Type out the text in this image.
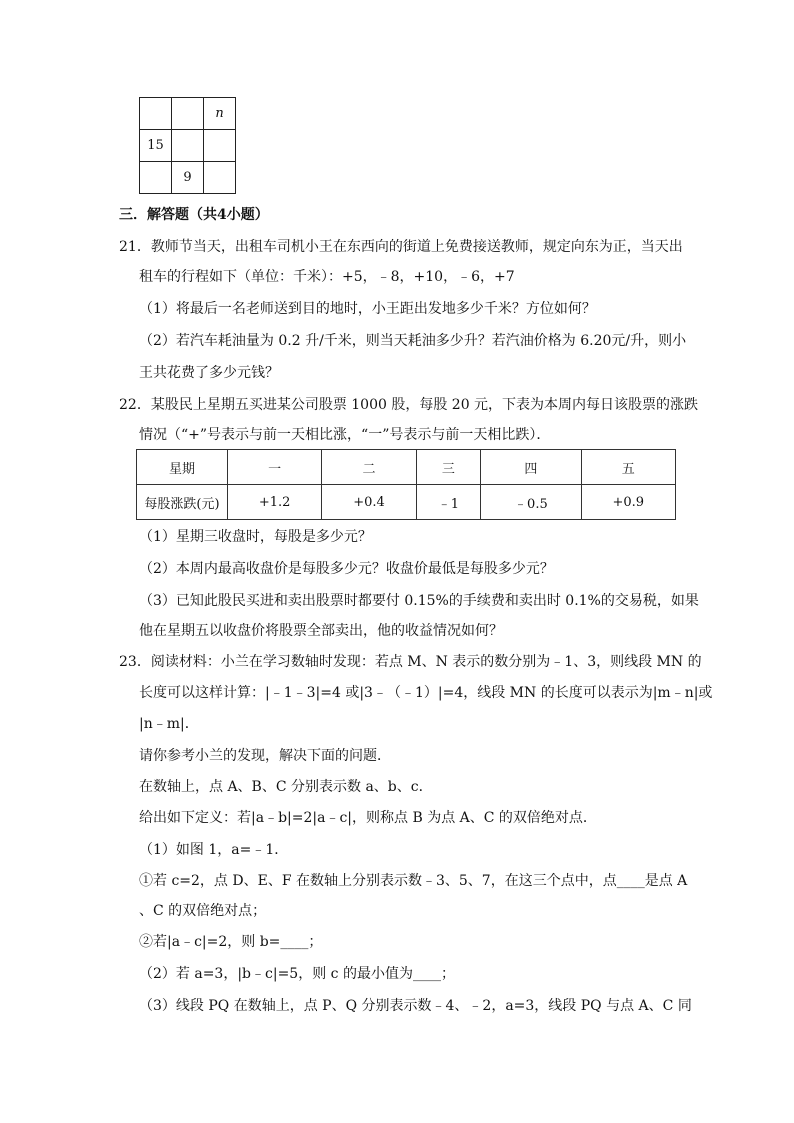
		n
15		
	9	
三．解答题（共4小题）
21．教师节当天，出租车司机小王在东西向的街道上免费接送教师，规定向东为正，当天出
租车的行程如下（单位：千米）：+5，﹣8，+10，﹣6，+7
（1）将最后一名老师送到目的地时，小王距出发地多少千米？方位如何？
（2）若汽车耗油量为 0.2 升/千米，则当天耗油多少升？若汽油价格为 6.20元/升，则小
王共花费了多少元钱？
22．某股民上星期五买进某公司股票 1000 股，每股 20 元，下表为本周内每日该股票的涨跌
情况（“+”号表示与前一天相比涨，“一”号表示与前一天相比跌）．
星期	一	二	三	四	五
每股涨跌(元)	+1.2	+0.4	﹣1	﹣0.5	+0.9
（1）星期三收盘时，每股是多少元？
（2）本周内最高收盘价是每股多少元？收盘价最低是每股多少元？
（3）已知此股民买进和卖出股票时都要付 0.15%的手续费和卖出时 0.1%的交易税，如果
他在星期五以收盘价将股票全部卖出，他的收益情况如何？
23．阅读材料：小兰在学习数轴时发现：若点 M、N 表示的数分别为﹣1、3，则线段 MN 的
长度可以这样计算：|﹣1﹣3|=4 或|3﹣（﹣1）|=4，线段 MN 的长度可以表示为|m﹣n|或
|n﹣m|．
请你参考小兰的发现，解决下面的问题．
在数轴上，点 A、B、C 分别表示数 a、b、c．
给出如下定义：若|a﹣b|=2|a﹣c|，则称点 B 为点 A、C 的双倍绝对点．
（1）如图 1，a=﹣1．
①若 c=2，点 D、E、F 在数轴上分别表示数﹣3、5、7，在这三个点中，点____是点 A
、C 的双倍绝对点；
②若|a﹣c|=2，则 b=____；
（2）若 a=3，|b﹣c|=5，则 c 的最小值为____；
（3）线段 PQ 在数轴上，点 P、Q 分别表示数﹣4、﹣2，a=3，线段 PQ 与点 A、C 同
